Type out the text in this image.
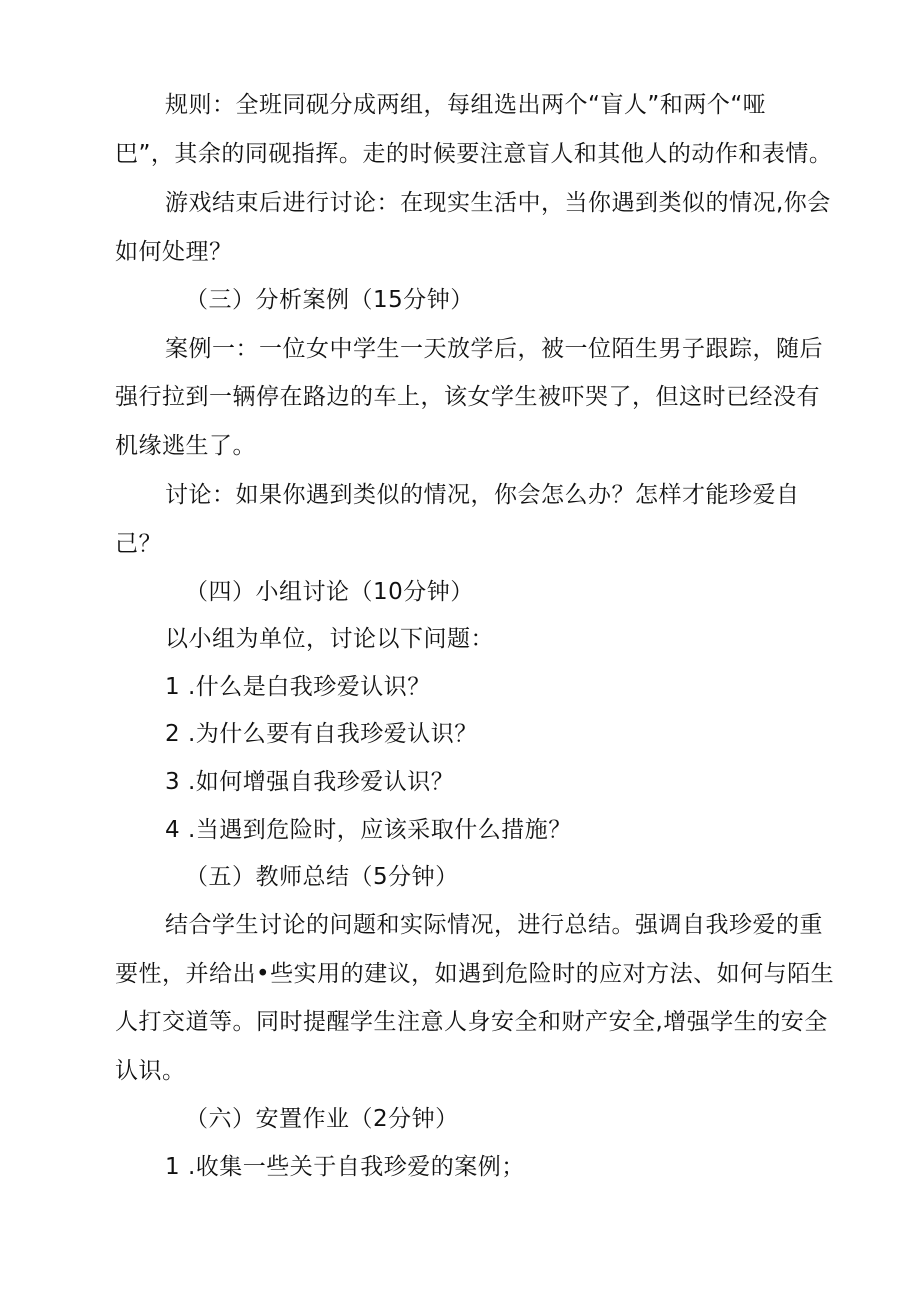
规则：全班同砚分成两组，每组选出两个“盲人”和两个“哑
巴”，其余的同砚指挥。走的时候要注意盲人和其他人的动作和表情。
游戏结束后进行讨论：在现实生活中，当你遇到类似的情况,你会
如何处理？
（三）分析案例（15分钟）
案例一：一位女中学生一天放学后，被一位陌生男子跟踪，随后
强行拉到一辆停在路边的车上，该女学生被吓哭了，但这时已经没有
机缘逃生了。
讨论：如果你遇到类似的情况，你会怎么办？怎样才能珍爱自
己？
（四）小组讨论（10分钟）
以小组为单位，讨论以下问题：
1 .什么是白我珍爱认识？
2 .为什么要有自我珍爱认识？
3 .如何增强自我珍爱认识？
4 .当遇到危险时，应该采取什么措施？
（五）教师总结（5分钟）
结合学生讨论的问题和实际情况，进行总结。强调自我珍爱的重
要性，并给出•些实用的建议，如遇到危险时的应对方法、如何与陌生
人打交道等。同时提醒学生注意人身安全和财产安全,增强学生的安全
认识。
（六）安置作业（2分钟）
1 .收集一些关于自我珍爱的案例；
